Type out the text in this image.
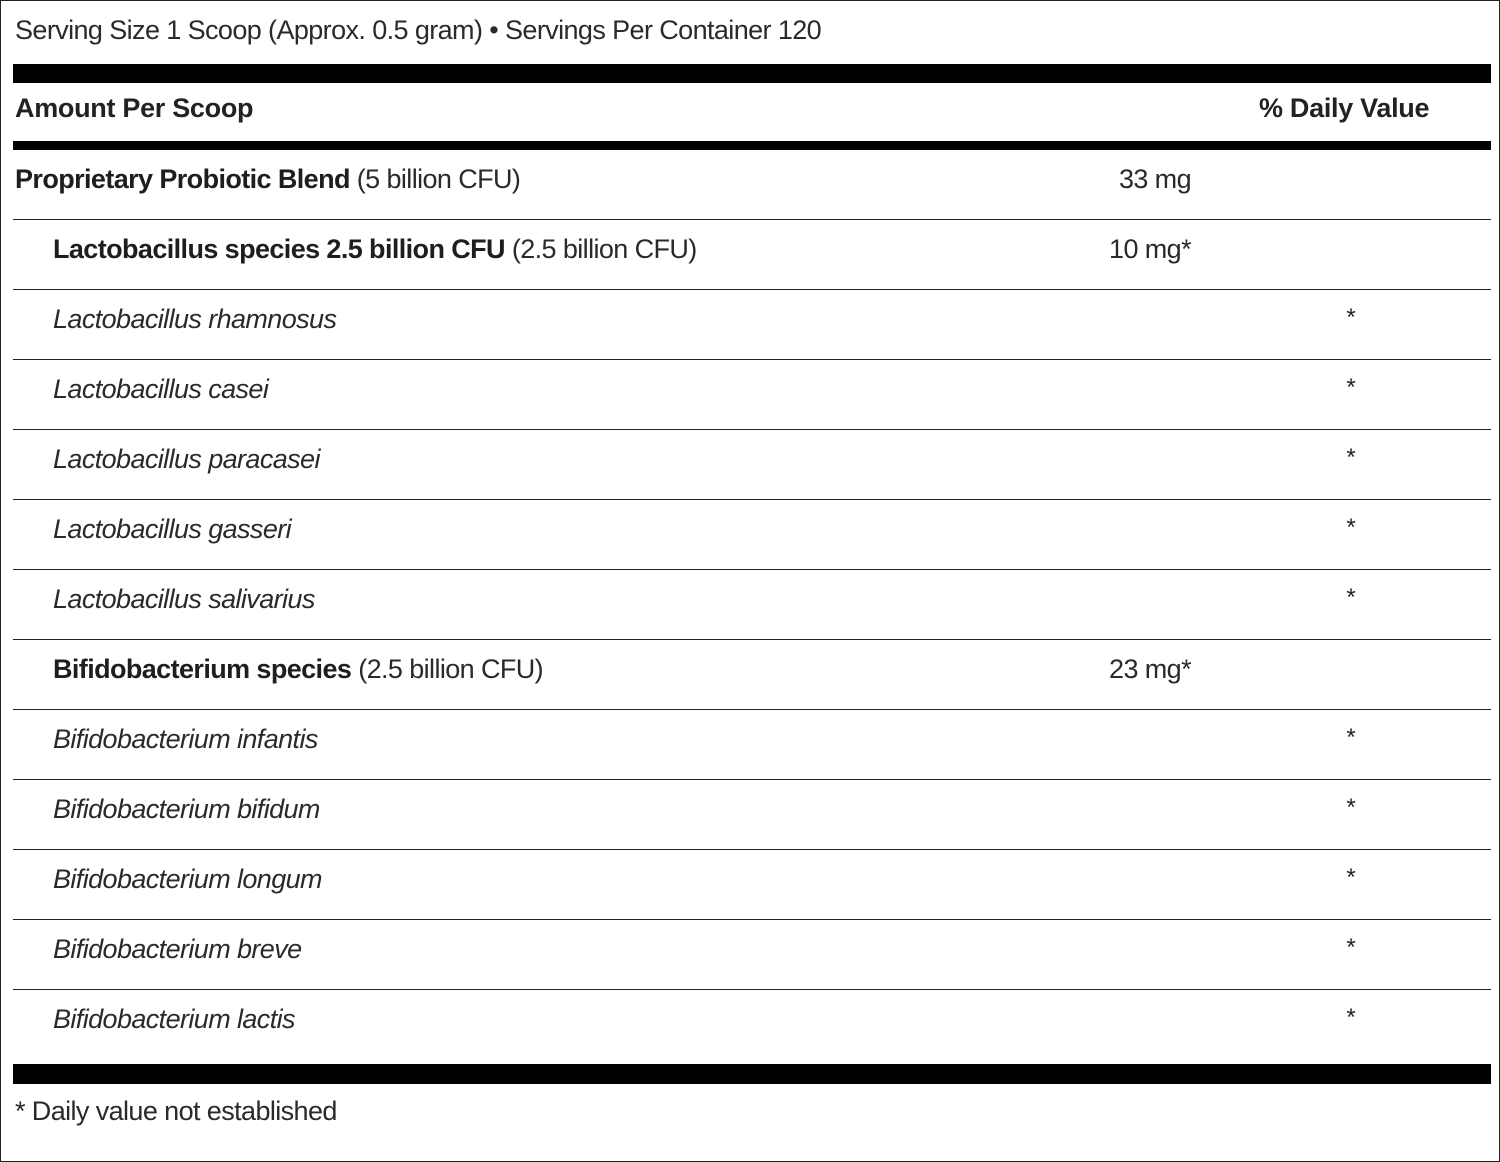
Serving Size 1 Scoop (Approx. 0.5 gram) • Servings Per Container 120
Amount Per Scoop	% Daily Value
Proprietary Probiotic Blend (5 billion CFU)	33 mg
Lactobacillus species 2.5 billion CFU (2.5 billion CFU)	10 mg*
Lactobacillus rhamnosus	*
Lactobacillus casei	*
Lactobacillus paracasei	*
Lactobacillus gasseri	*
Lactobacillus salivarius	*
Bifidobacterium species (2.5 billion CFU)	23 mg*
Bifidobacterium infantis	*
Bifidobacterium bifidum	*
Bifidobacterium longum	*
Bifidobacterium breve	*
Bifidobacterium lactis	*
* Daily value not established
